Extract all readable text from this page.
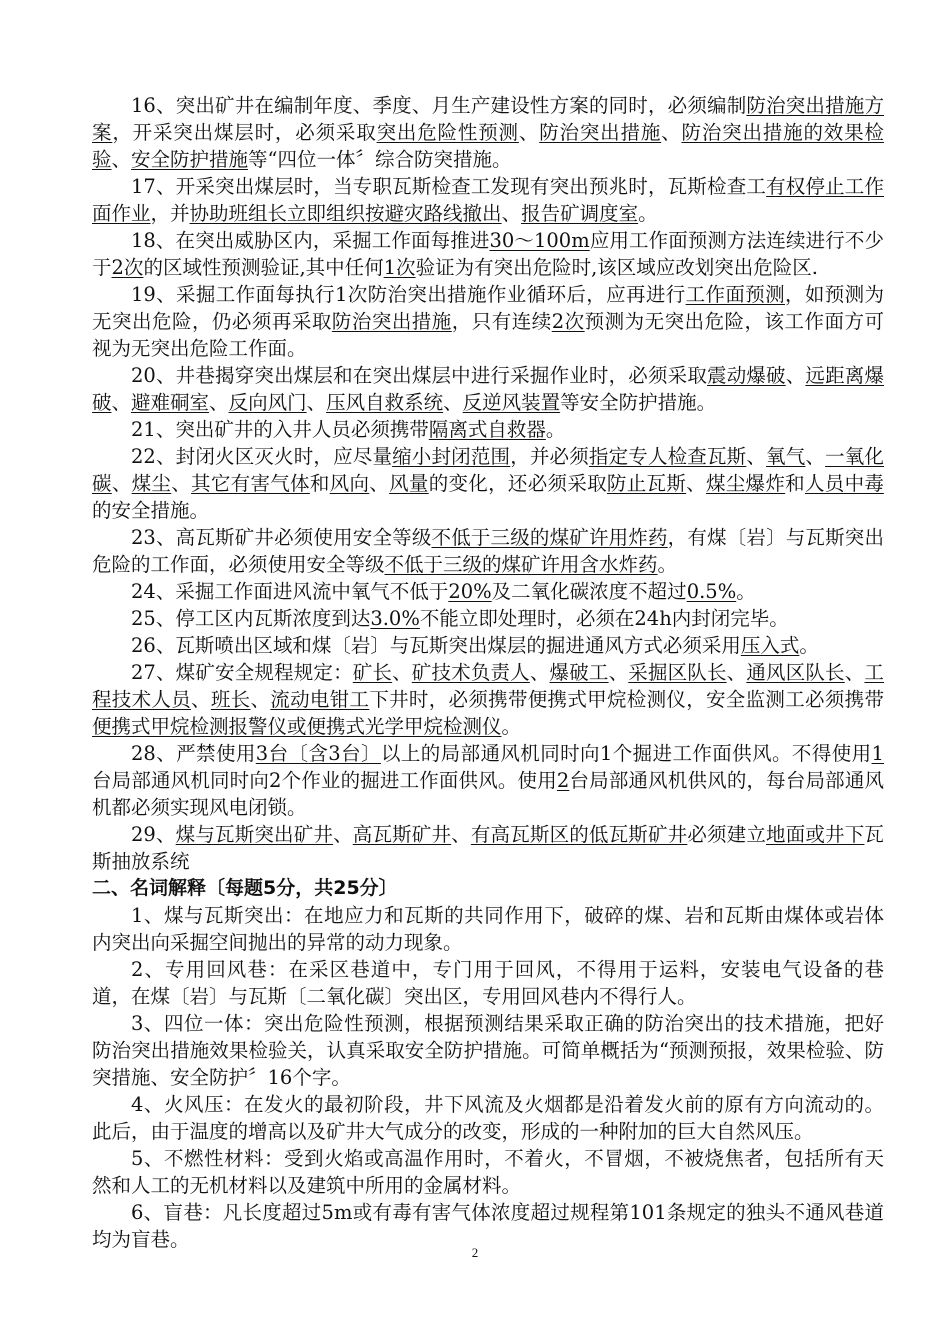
16、突出矿井在编制年度、季度、月生产建设性方案的同时，必须编制防治突出措施方案，开采突出煤层时，必须采取突出危险性预测、防治突出措施、防治突出措施的效果检验、安全防护措施等“四位一体〞综合防突措施。

17、开采突出煤层时，当专职瓦斯检查工发现有突出预兆时，瓦斯检查工有权停止工作面作业，并协助班组长立即组织按避灾路线撤出、报告矿调度室。

18、在突出威胁区内，采掘工作面每推进30～100m应用工作面预测方法连续进行不少于2次的区域性预测验证,其中任何1次验证为有突出危险时,该区域应改划突出危险区.

19、采掘工作面每执行1次防治突出措施作业循环后，应再进行工作面预测，如预测为无突出危险，仍必须再采取防治突出措施，只有连续2次预测为无突出危险，该工作面方可视为无突出危险工作面。

20、井巷揭穿突出煤层和在突出煤层中进行采掘作业时，必须采取震动爆破、远距离爆破、避难硐室、反向风门、压风自救系统、反逆风装置等安全防护措施。

21、突出矿井的入井人员必须携带隔离式自救器。

22、封闭火区灭火时，应尽量缩小封闭范围，并必须指定专人检查瓦斯、氧气、一氧化碳、煤尘、其它有害气体和风向、风量的变化，还必须采取防止瓦斯、煤尘爆炸和人员中毒的安全措施。

23、高瓦斯矿井必须使用安全等级不低于三级的煤矿许用炸药，有煤〔岩〕与瓦斯突出危险的工作面，必须使用安全等级不低于三级的煤矿许用含水炸药。

24、采掘工作面进风流中氧气不低于20%及二氧化碳浓度不超过0.5%。

25、停工区内瓦斯浓度到达3.0%不能立即处理时，必须在24h内封闭完毕。

26、瓦斯喷出区域和煤〔岩〕与瓦斯突出煤层的掘进通风方式必须采用压入式。

27、煤矿安全规程规定：矿长、矿技术负责人、爆破工、采掘区队长、通风区队长、工程技术人员、班长、流动电钳工下井时，必须携带便携式甲烷检测仪，安全监测工必须携带便携式甲烷检测报警仪或便携式光学甲烷检测仪。

28、严禁使用3台〔含3台〕以上的局部通风机同时向1个掘进工作面供风。不得使用1台局部通风机同时向2个作业的掘进工作面供风。使用2台局部通风机供风的，每台局部通风机都必须实现风电闭锁。

29、煤与瓦斯突出矿井、高瓦斯矿井、有高瓦斯区的低瓦斯矿井必须建立地面或井下瓦斯抽放系统

二、名词解释〔每题5分，共25分〕

1、煤与瓦斯突出：在地应力和瓦斯的共同作用下，破碎的煤、岩和瓦斯由煤体或岩体内突出向采掘空间抛出的异常的动力现象。

2、专用回风巷：在采区巷道中，专门用于回风，不得用于运料，安装电气设备的巷道，在煤〔岩〕与瓦斯〔二氧化碳〕突出区，专用回风巷内不得行人。

3、四位一体：突出危险性预测，根据预测结果采取正确的防治突出的技术措施，把好防治突出措施效果检验关，认真采取安全防护措施。可简单概括为“预测预报，效果检验、防突措施、安全防护〞16个字。

4、火风压：在发火的最初阶段，井下风流及火烟都是沿着发火前的原有方向流动的。此后，由于温度的增高以及矿井大气成分的改变，形成的一种附加的巨大自然风压。

5、不燃性材料：受到火焰或高温作用时，不着火，不冒烟，不被烧焦者，包括所有天然和人工的无机材料以及建筑中所用的金属材料。

6、盲巷：凡长度超过5m或有毒有害气体浓度超过规程第101条规定的独头不通风巷道均为盲巷。

2
